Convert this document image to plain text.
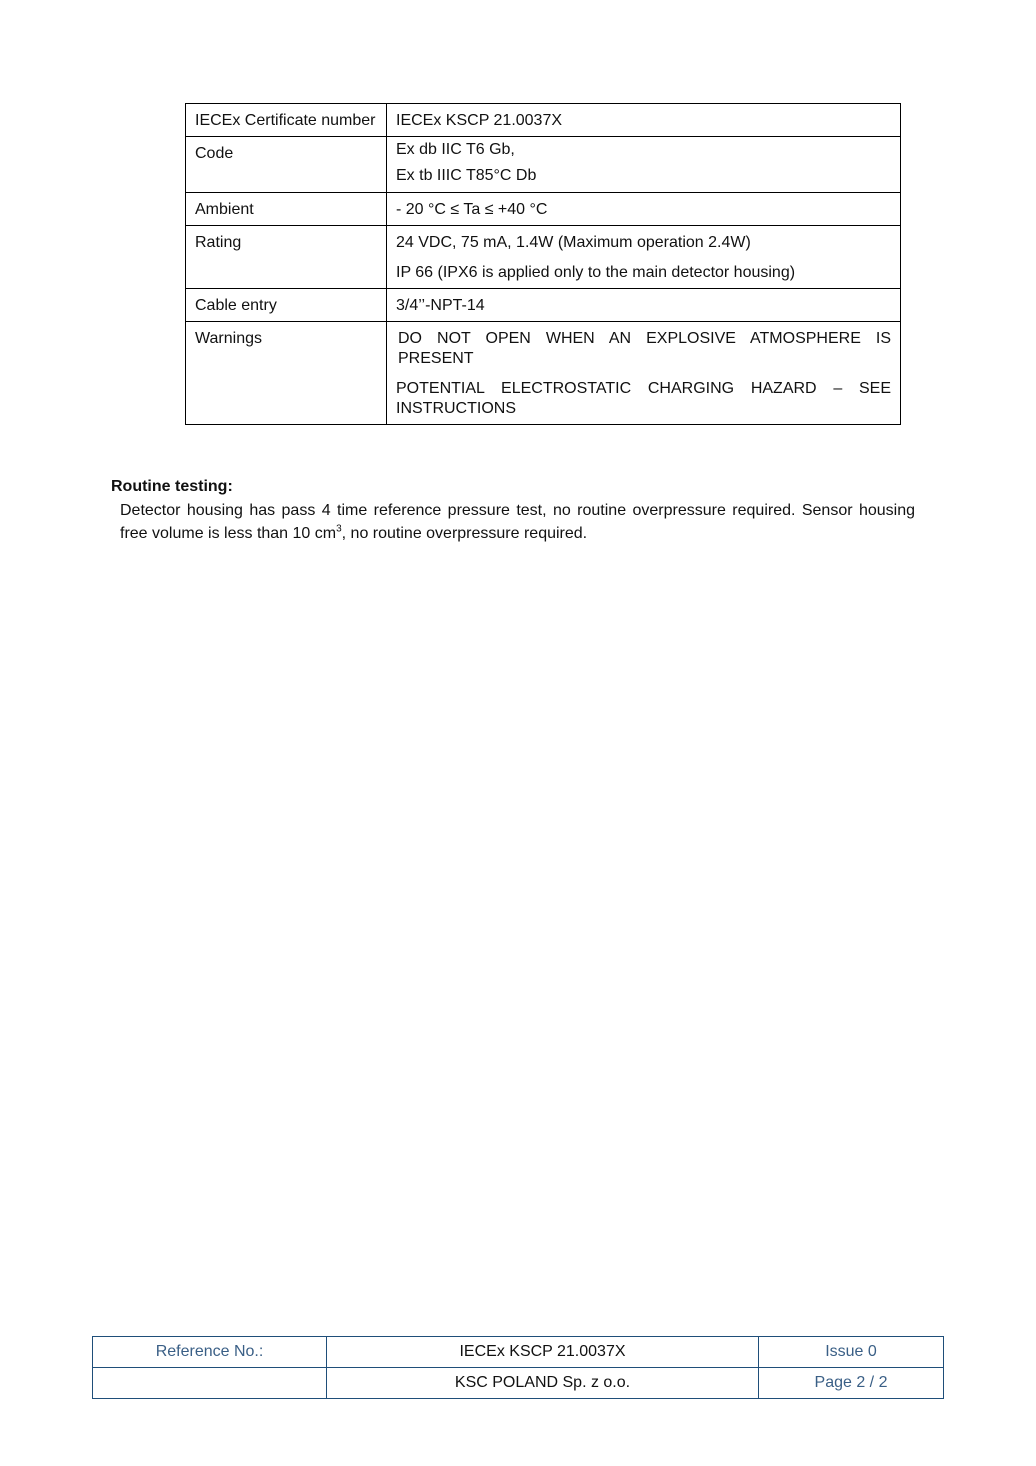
IECEx Certificate number	IECEx KSCP 21.0037X

Code	Ex db IIC T6 Gb,

Ex tb IIIC T85°C Db

Ambient	- 20 °C ≤ Ta ≤ +40 °C

Rating	24 VDC, 75 mA, 1.4W (Maximum operation 2.4W)

IP 66 (IPX6 is applied only to the main detector housing)

Cable entry	3/4’’-NPT-14

Warnings	DO NOT OPEN WHEN AN EXPLOSIVE ATMOSPHERE IS
PRESENT

POTENTIAL ELECTROSTATIC CHARGING HAZARD – SEE
INSTRUCTIONS

Routine testing:

Detector housing has pass 4 time reference pressure test, no routine overpressure required. Sensor housing free volume is less than 10 $cm^3$, no routine overpressure required.

Reference No.:	IECEx KSCP 21.0037X	Issue 0
	KSC POLAND Sp. z o.o.	Page 2 / 2
